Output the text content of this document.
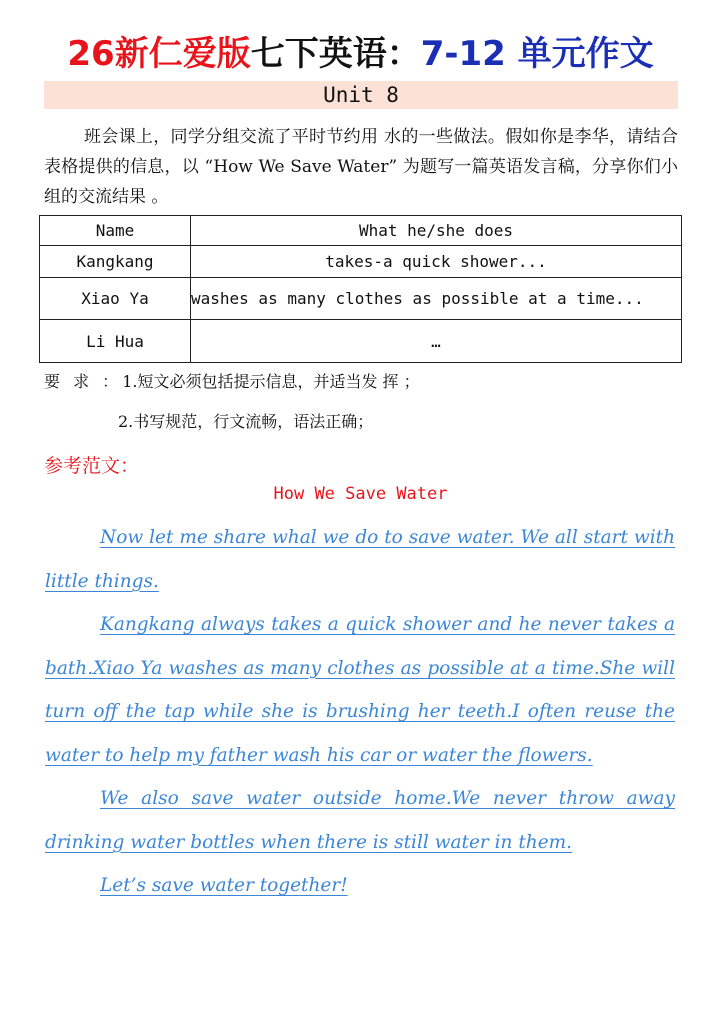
26新仁爱版七下英语：7-12 单元作文
Unit 8
班会课上，同学分组交流了平时节约用 水的一些做法。假如你是李华，请结合表格提供的信息，以 “How We Save Water” 为题写一篇英语发言稿，分享你们小组的交流结果 。
Name	What he/she does
Kangkang	takes-a quick shower...
Xiao Ya	washes as many clothes as possible at a time...
Li Hua	…
要 求 ：1.短文必须包括提示信息，并适当发 挥 ；
2.书写规范，行文流畅，语法正确；
参考范文：
How We Save Water

Now let me share whal we do to save water. We all start with little things.

Kangkang always takes a quick shower and he never takes a bath.Xiao Ya washes as many clothes as possible at a time.She will turn off the tap while she is brushing her teeth.I often reuse the water to help my father wash his car or water the flowers.

We also save water outside home.We never throw away drinking water bottles when there is still water in them.

Let’s save water together!
